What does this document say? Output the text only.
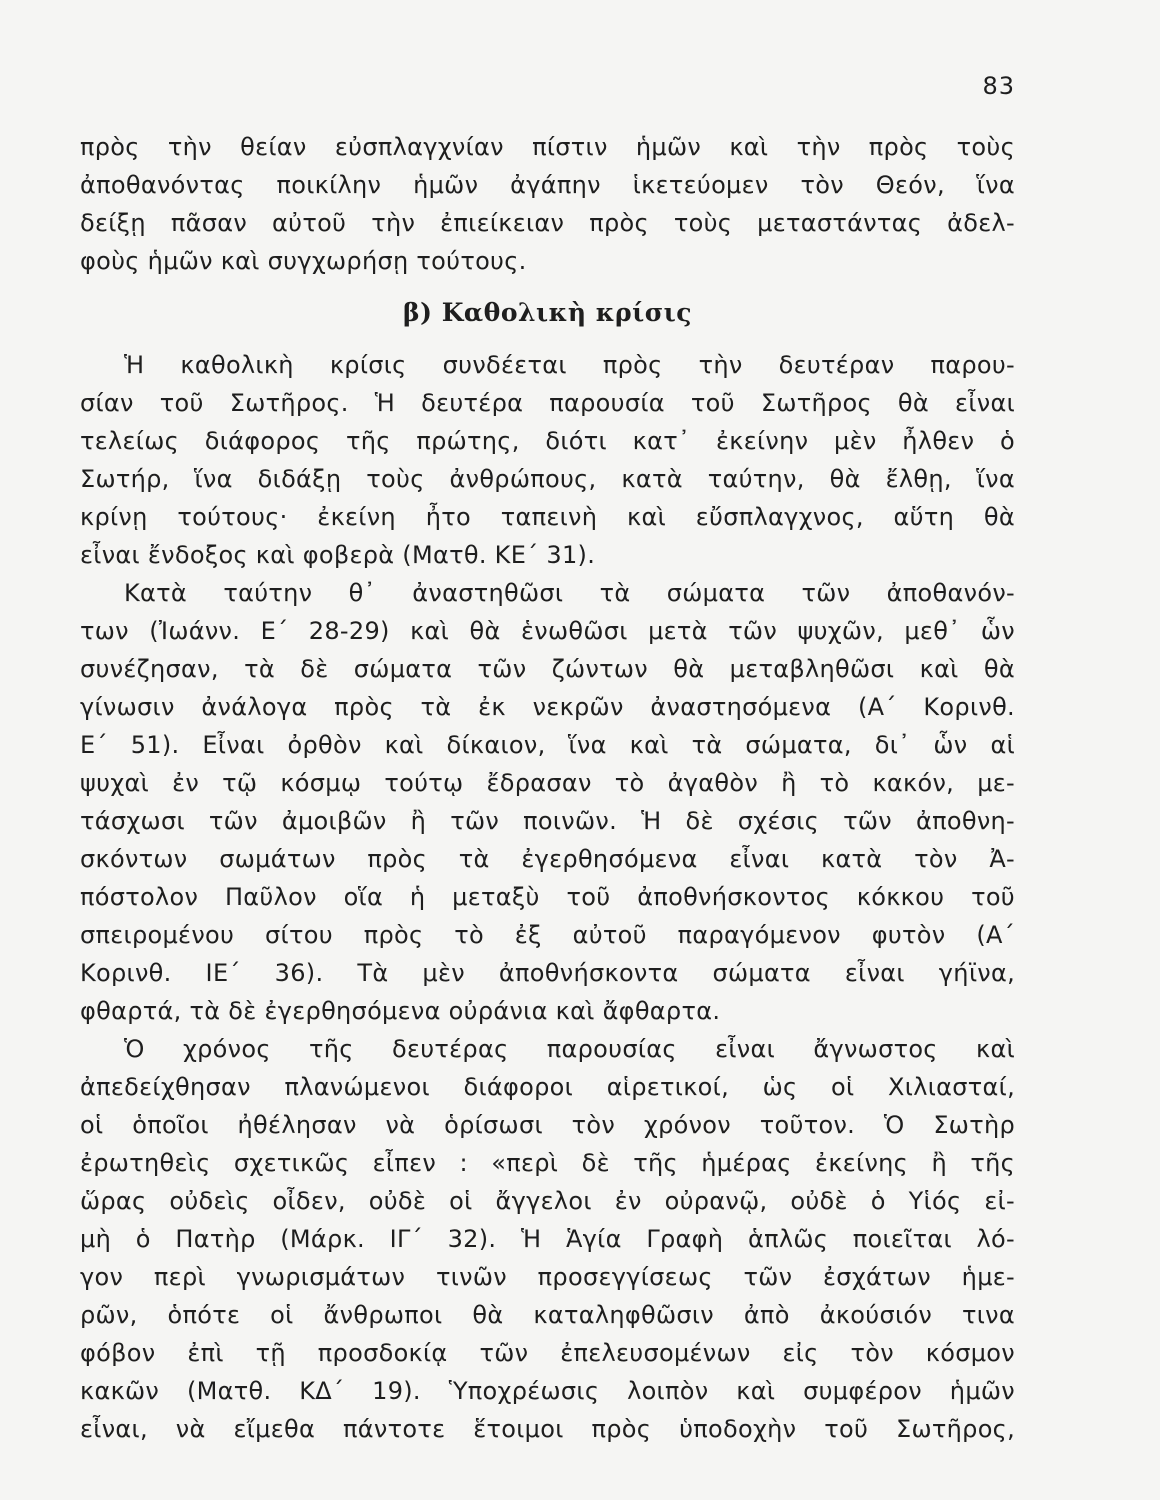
83
πρὸς τὴν θείαν εὐσπλαγχνίαν πίστιν ἡμῶν καὶ τὴν πρὸς τοὺς
ἀποθανόντας ποικίλην ἡμῶν ἀγάπην ἱκετεύομεν τὸν Θεόν, ἵνα
δείξῃ πᾶσαν αὐτοῦ τὴν ἐπιείκειαν πρὸς τοὺς μεταστάντας ἀδελ-
φοὺς ἡμῶν καὶ συγχωρήσῃ τούτους.
β) Καθολικὴ κρίσις
Ἡ καθολικὴ κρίσις συνδέεται πρὸς τὴν δευτέραν παρου-
σίαν τοῦ Σωτῆρος. Ἡ δευτέρα παρουσία τοῦ Σωτῆρος θὰ εἶναι
τελείως διάφορος τῆς πρώτης, διότι κατ᾽ ἐκείνην μὲν ἦλθεν ὁ
Σωτήρ, ἵνα διδάξῃ τοὺς ἀνθρώπους, κατὰ ταύτην, θὰ ἔλθῃ, ἵνα
κρίνῃ τούτους· ἐκείνη ἦτο ταπεινὴ καὶ εὔσπλαγχνος, αὕτη θὰ
εἶναι ἔνδοξος καὶ φοβερὰ (Ματθ. ΚΕ΄ 31).
Κατὰ ταύτην θ᾽ ἀναστηθῶσι τὰ σώματα τῶν ἀποθανόν-
των (Ἰωάνν. Ε΄ 28-29) καὶ θὰ ἑνωθῶσι μετὰ τῶν ψυχῶν, μεθ᾽ ὧν
συνέζησαν, τὰ δὲ σώματα τῶν ζώντων θὰ μεταβληθῶσι καὶ θὰ
γίνωσιν ἀνάλογα πρὸς τὰ ἐκ νεκρῶν ἀναστησόμενα (Α΄ Κορινθ.
Ε΄ 51). Εἶναι ὀρθὸν καὶ δίκαιον, ἵνα καὶ τὰ σώματα, δι᾽ ὧν αἱ
ψυχαὶ ἐν τῷ κόσμῳ τούτῳ ἔδρασαν τὸ ἀγαθὸν ἢ τὸ κακόν, με-
τάσχωσι τῶν ἀμοιβῶν ἢ τῶν ποινῶν. Ἡ δὲ σχέσις τῶν ἀποθνη-
σκόντων σωμάτων πρὸς τὰ ἐγερθησόμενα εἶναι κατὰ τὸν Ἀ-
πόστολον Παῦλον οἵα ἡ μεταξὺ τοῦ ἀποθνήσκοντος κόκκου τοῦ
σπειρομένου σίτου πρὸς τὸ ἐξ αὐτοῦ παραγόμενον φυτὸν (Α΄
Κορινθ. ΙΕ΄ 36). Τὰ μὲν ἀποθνήσκοντα σώματα εἶναι γήϊνα,
φθαρτά, τὰ δὲ ἐγερθησόμενα οὐράνια καὶ ἄφθαρτα.
Ὁ χρόνος τῆς δευτέρας παρουσίας εἶναι ἄγνωστος καὶ
ἀπεδείχθησαν πλανώμενοι διάφοροι αἱρετικοί, ὡς οἱ Χιλιασταί,
οἱ ὁποῖοι ἠθέλησαν νὰ ὁρίσωσι τὸν χρόνον τοῦτον. Ὁ Σωτὴρ
ἐρωτηθεὶς σχετικῶς εἶπεν : «περὶ δὲ τῆς ἡμέρας ἐκείνης ἢ τῆς
ὥρας οὐδεὶς οἶδεν, οὐδὲ οἱ ἄγγελοι ἐν οὐρανῷ, οὐδὲ ὁ Υἱός εἰ-
μὴ ὁ Πατὴρ (Μάρκ. ΙΓ΄ 32). Ἡ Ἁγία Γραφὴ ἁπλῶς ποιεῖται λό-
γον περὶ γνωρισμάτων τινῶν προσεγγίσεως τῶν ἐσχάτων ἡμε-
ρῶν, ὁπότε οἱ ἄνθρωποι θὰ καταληφθῶσιν ἀπὸ ἀκούσιόν τινα
φόβον ἐπὶ τῇ προσδοκίᾳ τῶν ἐπελευσομένων εἰς τὸν κόσμον
κακῶν (Ματθ. ΚΔ΄ 19). Ὑποχρέωσις λοιπὸν καὶ συμφέρον ἡμῶν
εἶναι, νὰ εἴμεθα πάντοτε ἕτοιμοι πρὸς ὑποδοχὴν τοῦ Σωτῆρος,
